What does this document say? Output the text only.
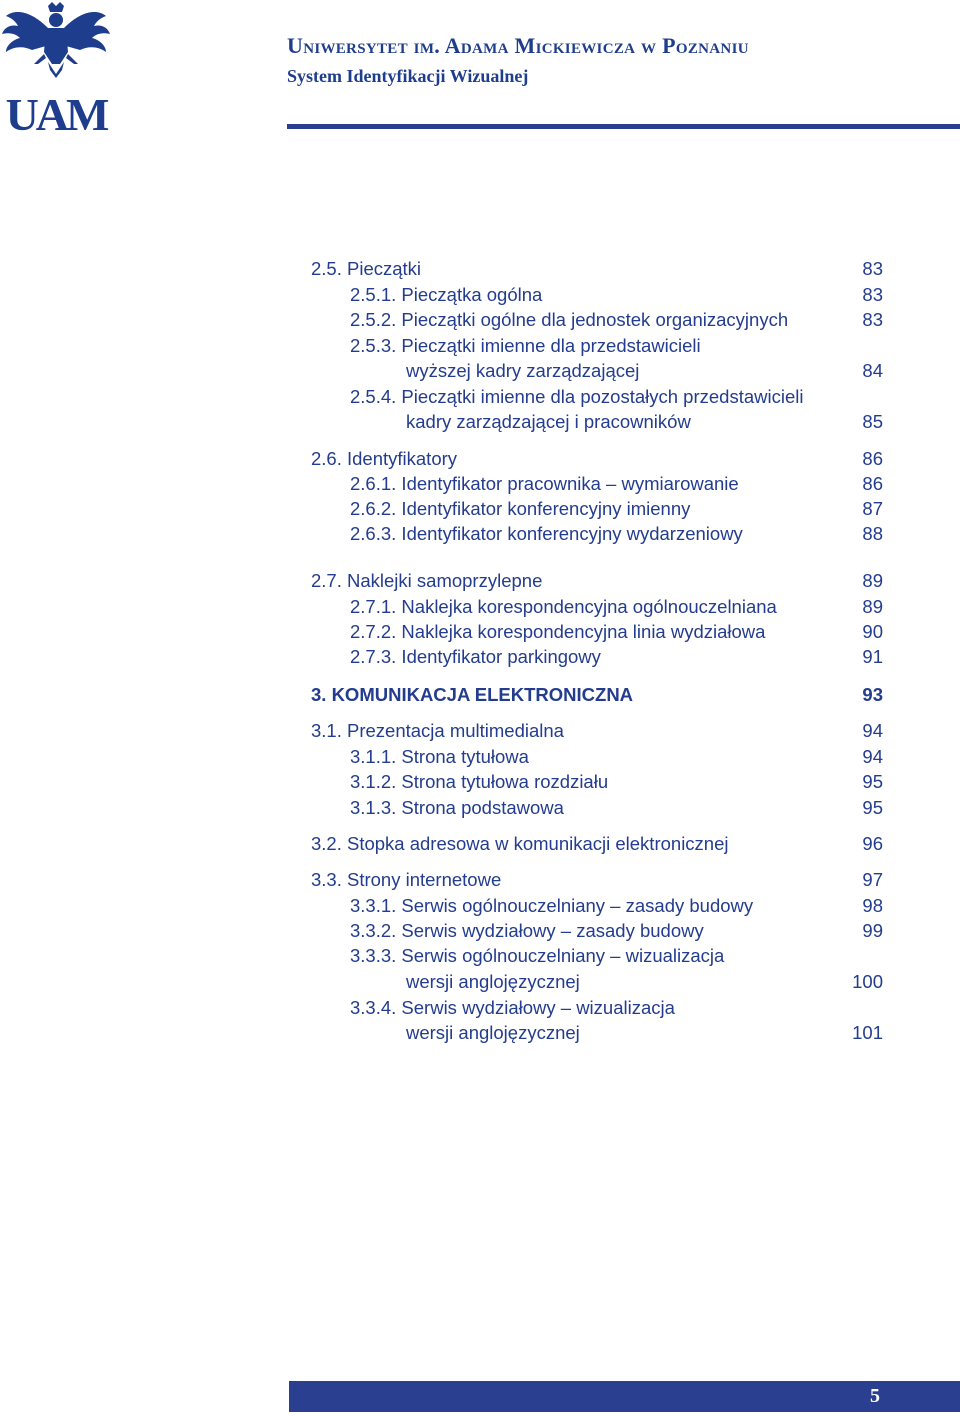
UAM
Uniwersytet im. Adama Mickiewicza w Poznaniu
System Identyfikacji Wizualnej
2.5. Pieczątki	83
2.5.1. Pieczątka ogólna	83
2.5.2. Pieczątki ogólne dla jednostek organizacyjnych	83
2.5.3. Pieczątki imienne dla przedstawicieli
wyższej kadry zarządzającej	84
2.5.4. Pieczątki imienne dla pozostałych przedstawicieli
kadry zarządzającej i pracowników	85
2.6. Identyfikatory	86
2.6.1. Identyfikator pracownika – wymiarowanie	86
2.6.2. Identyfikator konferencyjny imienny	87
2.6.3. Identyfikator konferencyjny wydarzeniowy	88
2.7. Naklejki samoprzylepne	89
2.7.1. Naklejka korespondencyjna ogólnouczelniana	89
2.7.2. Naklejka korespondencyjna linia wydziałowa	90
2.7.3. Identyfikator parkingowy	91
3. KOMUNIKACJA ELEKTRONICZNA	93
3.1. Prezentacja multimedialna	94
3.1.1. Strona tytułowa	94
3.1.2. Strona tytułowa rozdziału	95
3.1.3. Strona podstawowa	95
3.2. Stopka adresowa w komunikacji elektronicznej	96
3.3. Strony internetowe	97
3.3.1. Serwis ogólnouczelniany – zasady budowy	98
3.3.2. Serwis wydziałowy – zasady budowy	99
3.3.3. Serwis ogólnouczelniany – wizualizacja
wersji anglojęzycznej	100
3.3.4. Serwis wydziałowy – wizualizacja
wersji anglojęzycznej	101
5
